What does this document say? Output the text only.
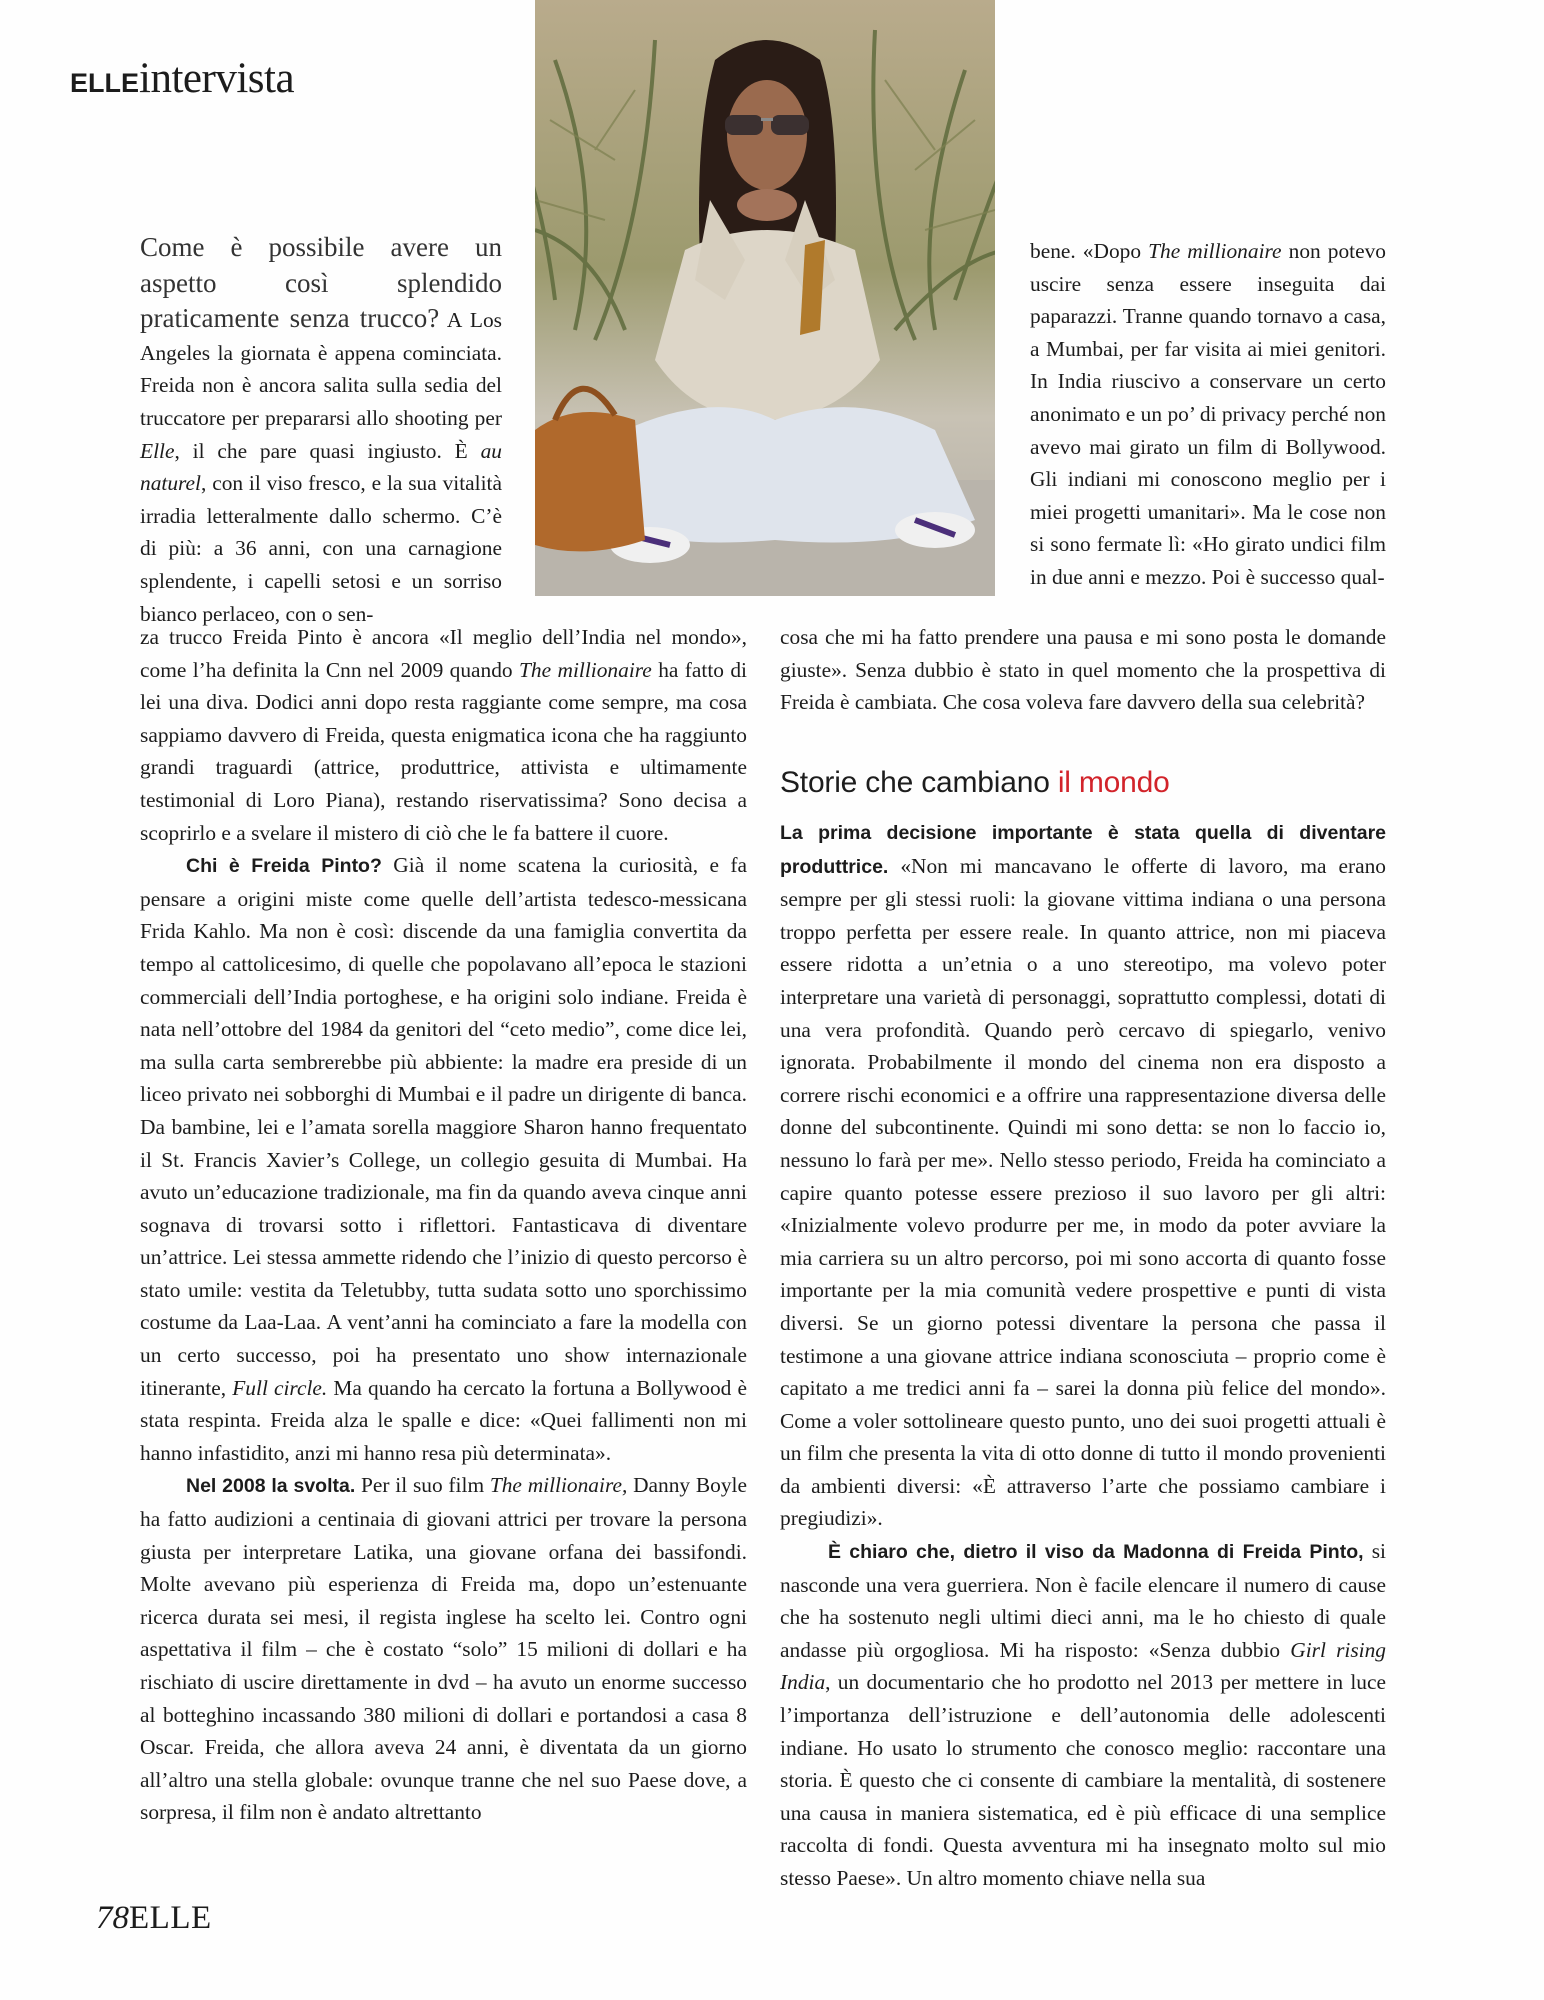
ELLEintervista

Come è possibile avere un aspetto così splendido praticamente senza trucco? A Los Angeles la giornata è appena cominciata. Freida non è ancora salita sulla sedia del truccatore per prepararsi allo shooting per Elle, il che pare quasi ingiusto. È au naturel, con il viso fresco, e la sua vitalità irradia letteralmente dallo schermo. C’è di più: a 36 anni, con una carnagione splendente, i capelli setosi e un sorriso bianco perlaceo, con o sen-

za trucco Freida Pinto è ancora «Il meglio dell’India nel mondo», come l’ha definita la Cnn nel 2009 quando The millionaire ha fatto di lei una diva. Dodici anni dopo resta raggiante come sempre, ma cosa sappiamo davvero di Freida, questa enigmatica icona che ha raggiunto grandi traguardi (attrice, produttrice, attivista e ultimamente testimonial di Loro Piana), restando riservatissima? Sono decisa a scoprirlo e a svelare il mistero di ciò che le fa battere il cuore.

Chi è Freida Pinto? Già il nome scatena la curiosità, e fa pensare a origini miste come quelle dell’artista tedesco-messicana Frida Kahlo. Ma non è così: discende da una famiglia convertita da tempo al cattolicesimo, di quelle che popolavano all’epoca le stazioni commerciali dell’India portoghese, e ha origini solo indiane. Freida è nata nell’ottobre del 1984 da genitori del “ceto medio”, come dice lei, ma sulla carta sembrerebbe più abbiente: la madre era preside di un liceo privato nei sobborghi di Mumbai e il padre un dirigente di banca. Da bambine, lei e l’amata sorella maggiore Sharon hanno frequentato il St. Francis Xavier’s College, un collegio gesuita di Mumbai. Ha avuto un’educazione tradizionale, ma fin da quando aveva cinque anni sognava di trovarsi sotto i riflettori. Fantasticava di diventare un’attrice. Lei stessa ammette ridendo che l’inizio di questo percorso è stato umile: vestita da Teletubby, tutta sudata sotto uno sporchissimo costume da Laa-Laa. A vent’anni ha cominciato a fare la modella con un certo successo, poi ha presentato uno show internazionale itinerante, Full circle. Ma quando ha cercato la fortuna a Bollywood è stata respinta. Freida alza le spalle e dice: «Quei fallimenti non mi hanno infastidito, anzi mi hanno resa più determinata».

Nel 2008 la svolta. Per il suo film The millionaire, Danny Boyle ha fatto audizioni a centinaia di giovani attrici per trovare la persona giusta per interpretare Latika, una giovane orfana dei bassifondi. Molte avevano più esperienza di Freida ma, dopo un’estenuante ricerca durata sei mesi, il regista inglese ha scelto lei. Contro ogni aspettativa il film – che è costato “solo” 15 milioni di dollari e ha rischiato di uscire direttamente in dvd – ha avuto un enorme successo al botteghino incassando 380 milioni di dollari e portandosi a casa 8 Oscar. Freida, che allora aveva 24 anni, è diventata da un giorno all’altro una stella globale: ovunque tranne che nel suo Paese dove, a sorpresa, il film non è andato altrettanto

bene. «Dopo The millionaire non potevo uscire senza essere inseguita dai paparazzi. Tranne quando tornavo a casa, a Mumbai, per far visita ai miei genitori. In India riuscivo a conservare un certo anonimato e un po’ di privacy perché non avevo mai girato un film di Bollywood. Gli indiani mi conoscono meglio per i miei progetti umanitari». Ma le cose non si sono fermate lì: «Ho girato undici film in due anni e mezzo. Poi è successo qual-

cosa che mi ha fatto prendere una pausa e mi sono posta le domande giuste». Senza dubbio è stato in quel momento che la prospettiva di Freida è cambiata. Che cosa voleva fare davvero della sua celebrità?

Storie che cambiano il mondo

La prima decisione importante è stata quella di diventare produttrice. «Non mi mancavano le offerte di lavoro, ma erano sempre per gli stessi ruoli: la giovane vittima indiana o una persona troppo perfetta per essere reale. In quanto attrice, non mi piaceva essere ridotta a un’etnia o a uno stereotipo, ma volevo poter interpretare una varietà di personaggi, soprattutto complessi, dotati di una vera profondità. Quando però cercavo di spiegarlo, venivo ignorata. Probabilmente il mondo del cinema non era disposto a correre rischi economici e a offrire una rappresentazione diversa delle donne del subcontinente. Quindi mi sono detta: se non lo faccio io, nessuno lo farà per me». Nello stesso periodo, Freida ha cominciato a capire quanto potesse essere prezioso il suo lavoro per gli altri: «Inizialmente volevo produrre per me, in modo da poter avviare la mia carriera su un altro percorso, poi mi sono accorta di quanto fosse importante per la mia comunità vedere prospettive e punti di vista diversi. Se un giorno potessi diventare la persona che passa il testimone a una giovane attrice indiana sconosciuta – proprio come è capitato a me tredici anni fa – sarei la donna più felice del mondo». Come a voler sottolineare questo punto, uno dei suoi progetti attuali è un film che presenta la vita di otto donne di tutto il mondo provenienti da ambienti diversi: «È attraverso l’arte che possiamo cambiare i pregiudizi».

È chiaro che, dietro il viso da Madonna di Freida Pinto, si nasconde una vera guerriera. Non è facile elencare il numero di cause che ha sostenuto negli ultimi dieci anni, ma le ho chiesto di quale andasse più orgogliosa. Mi ha risposto: «Senza dubbio Girl rising India, un documentario che ho prodotto nel 2013 per mettere in luce l’importanza dell’istruzione e dell’autonomia delle adolescenti indiane. Ho usato lo strumento che conosco meglio: raccontare una storia. È questo che ci consente di cambiare la mentalità, di sostenere una causa in maniera sistematica, ed è più efficace di una semplice raccolta di fondi. Questa avventura mi ha insegnato molto sul mio stesso Paese». Un altro momento chiave nella sua

78ELLE
